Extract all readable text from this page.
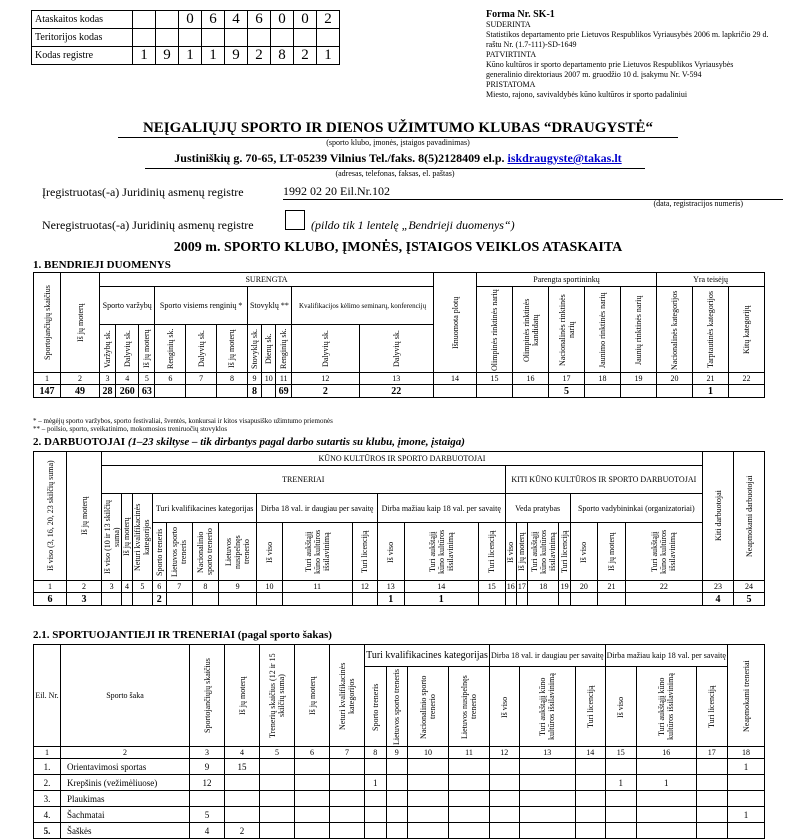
Ataskaitos kodas			0	6	4	6	0	0	2
Teritorijos kodas									
Kodas registre	1	9	1	1	9	2	8	2	1
Forma Nr. SK-1
SUDERINTA
Statistikos departamento prie Lietuvos Respublikos Vyriausybės 2006 m. lapkričio 29 d. raštu Nr. (1.7-111)-SD-1649
PATVIRTINTA
Kūno kultūros ir sporto departamento prie Lietuvos Respublikos Vyriausybės
generalinio direktoriaus 2007 m. gruodžio 10 d. įsakymu Nr. V-594
PRISTATOMA
Miesto, rajono, savivaldybės kūno kultūros ir sporto padaliniui
NEĮGALIŲJŲ SPORTO IR DIENOS UŽIMTUMO KLUBAS “DRAUGYSTĖ“
(sporto klubo, įmonės, įstaigos pavadinimas)
Justiniškių g. 70-65, LT-05239 Vilnius Tel./faks. 8(5)2128409 el.p. iskdraugyste@takas.lt
(adresas, telefonas, faksas, el. paštas)
Įregistruotas(-a) Juridinių asmenų registre	1992 02 20 Eil.Nr.102
(data, registracijos numeris)
Neregistruotas(-a) Juridinių asmenų registre	(pildo tik 1 lentelę „Bendrieji duomenys“)
2009 m. SPORTO KLUBO, ĮMONĖS, ĮSTAIGOS VEIKLOS ATASKAITA
1. BENDRIEJI DUOMENYS
Sportojančiųjų skaičius	Iš jų moterų	SURENGTA											Išnuomota plotų	Parengta sportininkų					Yra teisėjų		
		Sporto varžybų			Sporto visiems renginių *			Stovyklų **			Kvalifikacijos kėlimo seminarų, konferencijų			Olimpinės rinktinės narių	Olimpinės rinktinės kandidatų	Nacionalinės rinktinės narių	Jaunimo rinktinės narių	Jaunių rinktinės narių	Nacionalinės kategorijos	Tarptautinės kategorijos	Kitų kategorijų

		Varžybų sk.	Dalyvių sk.	Iš jų moterų	Renginių sk.	Dalyvių sk.	Iš jų moterų	Stovyklų sk.	Dienų sk.	Renginių sk.	Dalyvių sk.	Dalyvių sk.									

1	2	3	4	5	6	7	8	9	10	11	12	13	14	15	16	17	18	19	20	21	22
147	49	28	260	63				8		69	2	22				5				1	
* – mėgėjų sporto varžybos, sporto festivaliai, šventės, konkursai ir kitos visapusiško užimtumo priemonės
** – poilsio, sporto, sveikatinimo, mokomosios treniruočių stovyklos
2. DARBUOTOJAI (1–23 skiltyse – tik dirbantys pagal darbo sutartis su klubu, įmone, įstaiga)
Iš viso (3, 16, 20, 23 skilčių suma)	Iš jų moterų	KŪNO KULTŪROS IR SPORTO DARBUOTOJAI																				Kiti darbuotojai	Neapmokami darbuotojai

		TRENERIAI													KITI KŪNO KULTŪROS IR SPORTO DARBUOTOJAI								

		Iš viso (10 ir 13 skilčių suma)	Iš jų moterų	Neturi kvalifikacinės kategorijos	Turi kvalifikacines kategorijas				Dirba 18 val. ir daugiau per savaitę			Dirba mažiau kaip 18 val. per savaitę			Veda pratybas				Sporto vadybininkai (organizatoriai)				

					Sporto treneris	Lietuvos sporto treneris	Nacionalinio sporto trenerio	Lietuvos nusipelnęs trenerio	Iš viso	Turi aukštąjį kūno kultūros išsilavinimą	Turi licenciją	Iš viso	Turi aukštąjį kūno kultūros išsilavinimą	Turi licenciją	Iš viso	Iš jų moterų	Turi aukštąjį kūno kultūros išsilavinimą	Turi licenciją	Iš viso	Iš jų moterų	Turi aukštąjį kūno kultūros išsilavinimą		

1	2	3	4	5	6	7	8	9	10	11	12	13	14	15	16	17	18	19	20	21	22	23	24
6	3				2							1	1									4	5
2.1. SPORTUOJANTIEJI IR TRENERIAI (pagal sporto šakas)
Eil. Nr.	Sporto šaka	Sportojančiųjų skaičius	Iš jų moterų	Trenerių skaičius (12 ir 15 skilčių suma)	Iš jų moterų	Neturi kvalifikacinės kategorijos	Turi kvalifikacines kategorijas				Dirba 18 val. ir daugiau per savaitę			Dirba mažiau kaip 18 val. per savaitę			Neapmokami treneriai

							Sporto treneris	Lietuvos sporto treneris	Nacionalinio sporto trenerio	Lietuvos nusipelnęs trenerio	Iš viso	Turi aukštąjį kūno kultūros išsilavinimą	Turi licenciją	Iš viso	Turi aukštąjį kūno kultūros išsilavinimą	Turi licenciją	

1	2	3	4	5	6	7	8	9	10	11	12	13	14	15	16	17	18
1.	Orientavimosi sportas	9	15														1
2.	Krepšinis (vežimėliuose)	12					1							1	1		
3.	Plaukimas																
4.	Šachmatai	5															1
5.	Šaškės	4	2														
